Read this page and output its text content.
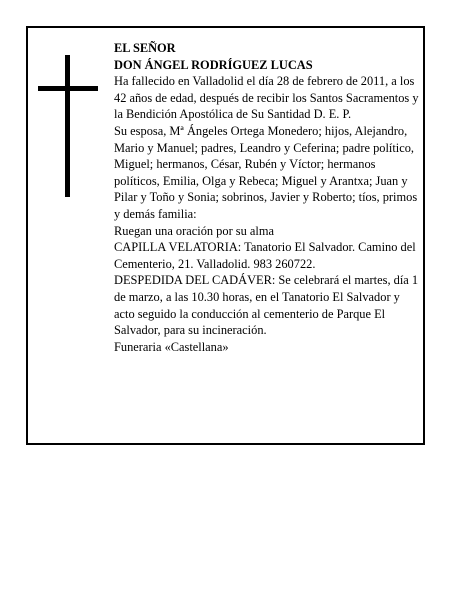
EL SEÑOR

DON ÁNGEL RODRÍGUEZ LUCAS

Ha fallecido en Valladolid el día 28 de febrero de 2011, a los 42 años de edad, después de recibir los Santos Sacramentos y la Bendición Apostólica de Su Santidad D. E. P.

Su esposa, Mª Ángeles Ortega Monedero; hijos, Alejandro, Mario y Manuel; padres, Leandro y Ceferina; padre político, Miguel; hermanos, César, Rubén y Víctor; hermanos políticos, Emilia, Olga y Rebeca; Miguel y Arantxa; Juan y Pilar y Toño y Sonia; sobrinos, Javier y Roberto; tíos, primos y demás familia:

Ruegan una oración por su alma

CAPILLA VELATORIA: Tanatorio El Salvador. Camino del Cementerio, 21. Valladolid. 983 260722.

DESPEDIDA DEL CADÁVER: Se celebrará el martes, día 1 de marzo, a las 10.30 horas, en el Tanatorio El Salvador y acto seguido la conducción al cementerio de Parque El Salvador, para su incineración.

Funeraria «Castellana»
